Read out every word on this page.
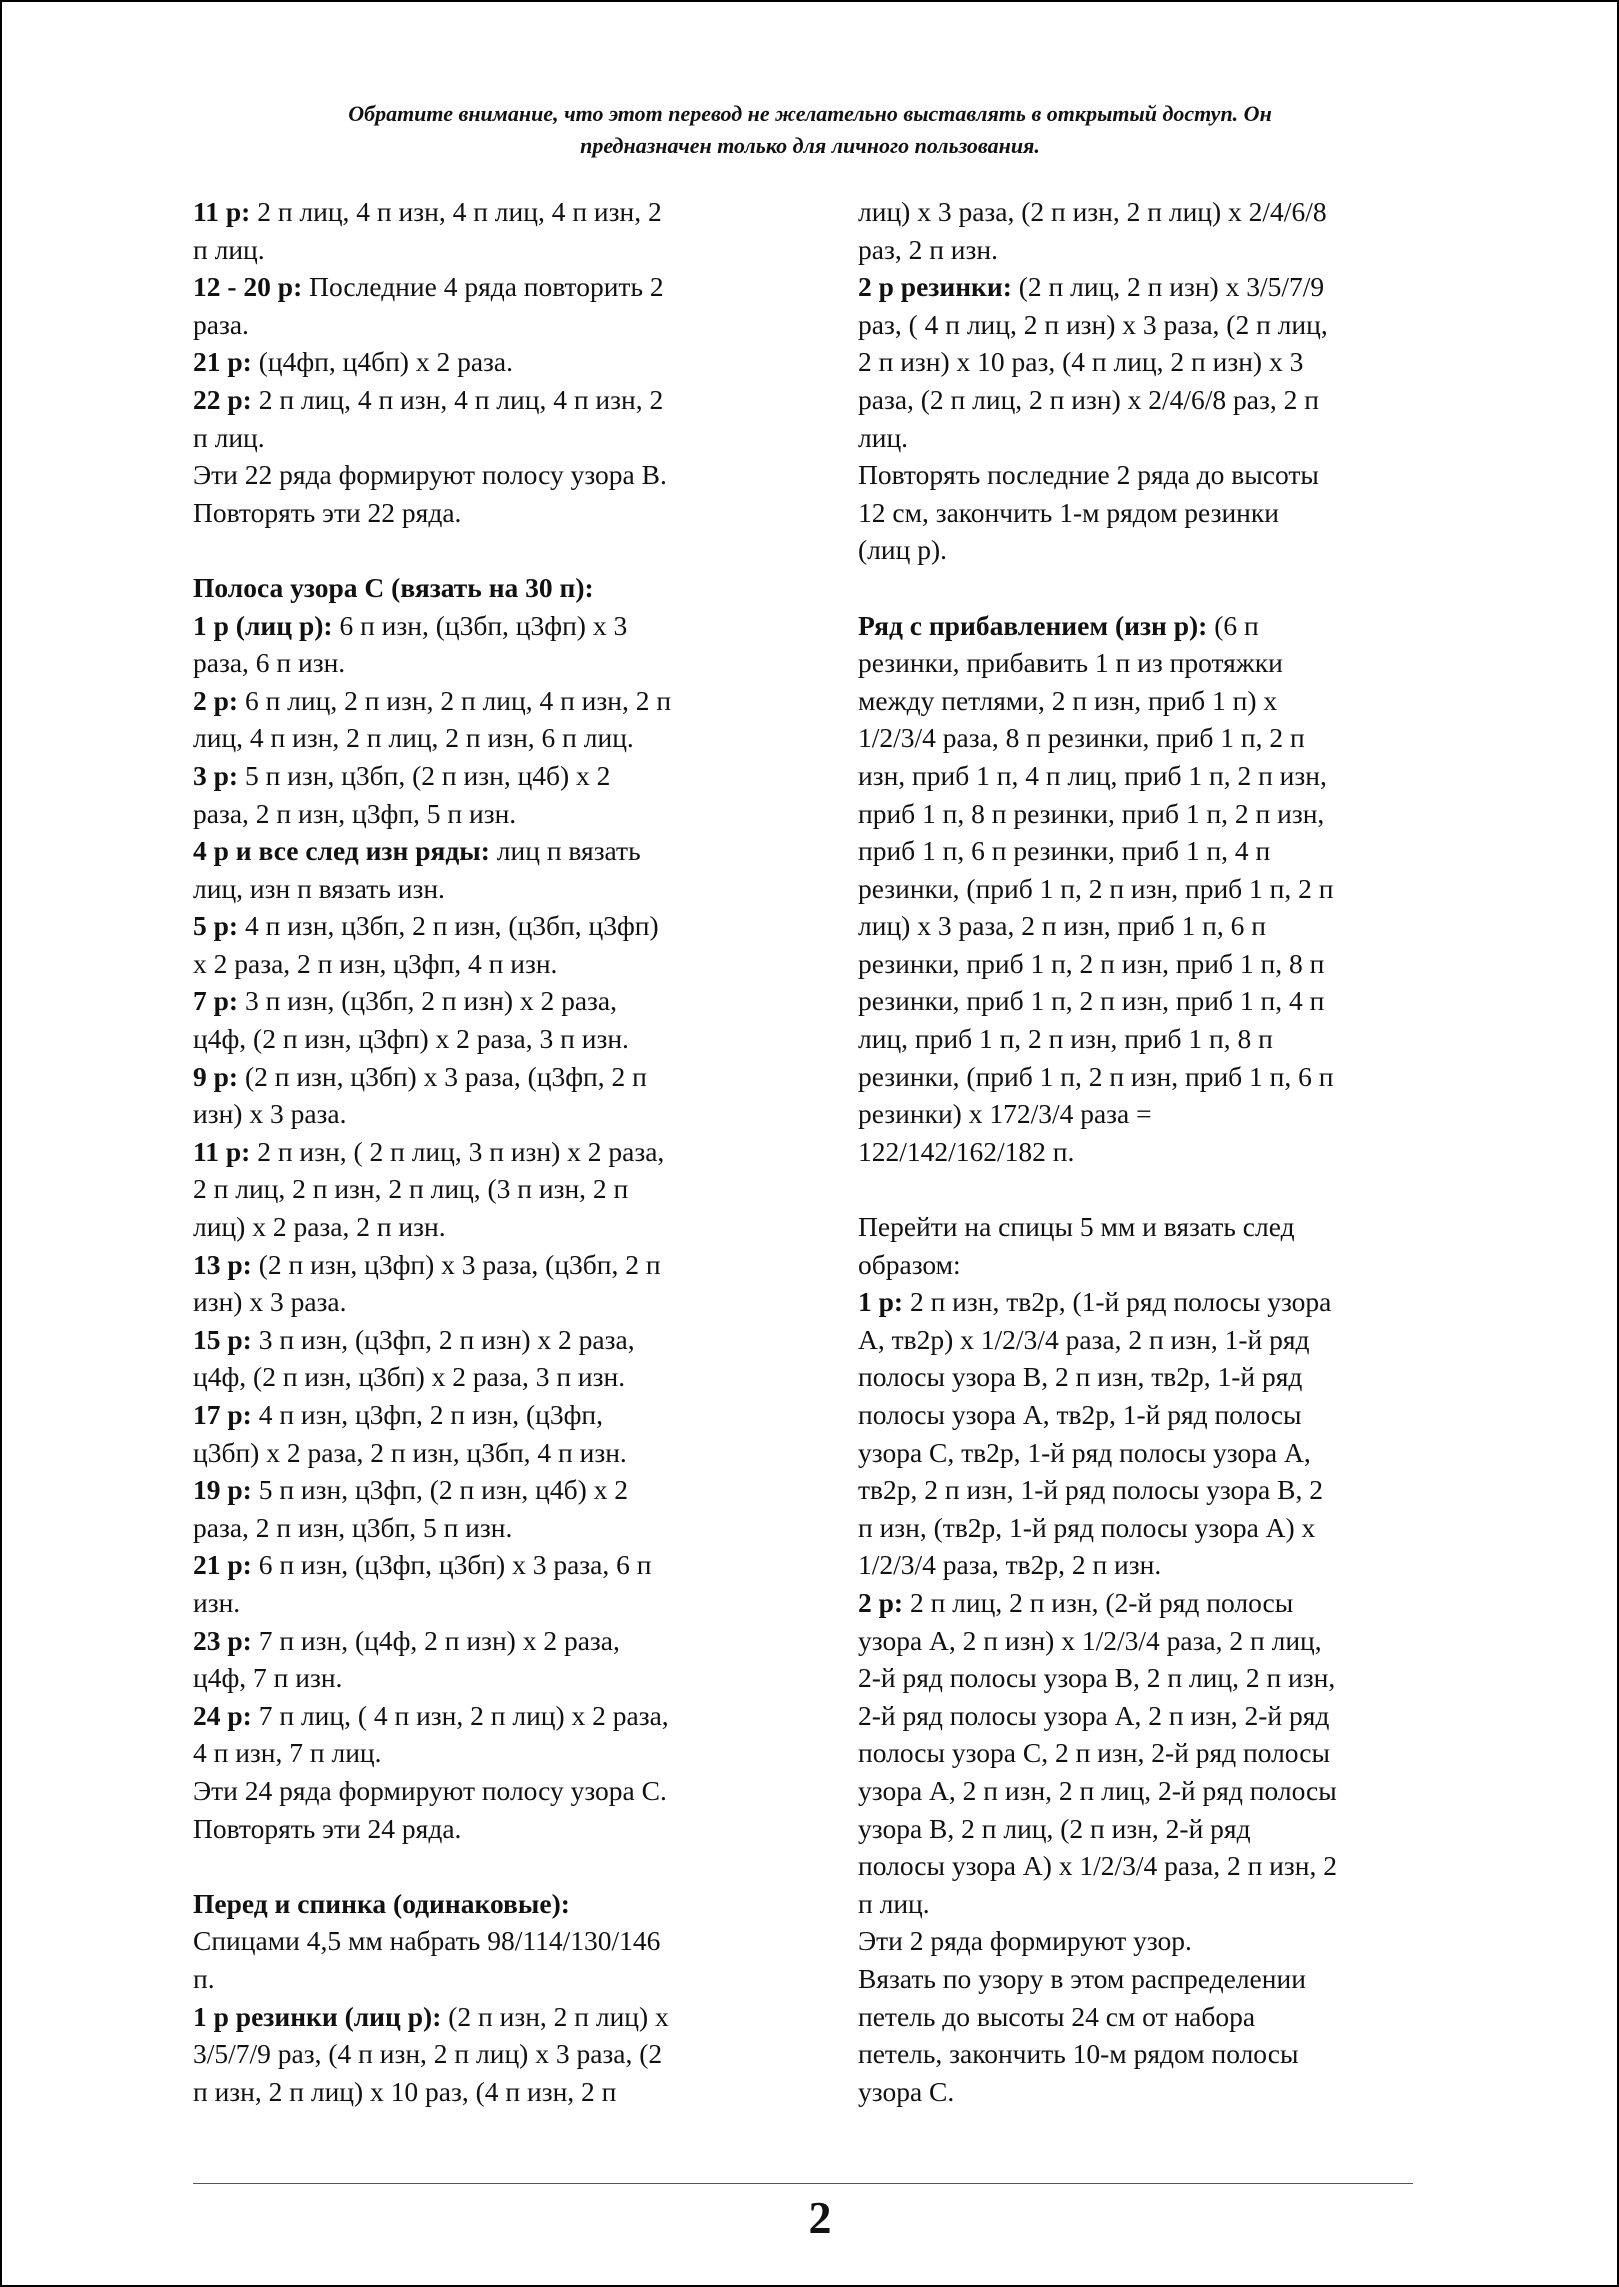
Обратите внимание, что этот перевод не желательно выставлять в открытый доступ. Он
предназначен только для личного пользования.
11 р: 2 п лиц, 4 п изн, 4 п лиц, 4 п изн, 2
п лиц.
12 - 20 р: Последние 4 ряда повторить 2
раза.
21 р: (ц4фп, ц4бп) х 2 раза.
22 р: 2 п лиц, 4 п изн, 4 п лиц, 4 п изн, 2
п лиц.
Эти 22 ряда формируют полосу узора B.
Повторять эти 22 ряда.
Полоса узора C (вязать на 30 п):
1 р (лиц р): 6 п изн, (ц3бп, ц3фп) х 3
раза, 6 п изн.
2 р: 6 п лиц, 2 п изн, 2 п лиц, 4 п изн, 2 п
лиц, 4 п изн, 2 п лиц, 2 п изн, 6 п лиц.
3 р: 5 п изн, ц3бп, (2 п изн, ц4б) х 2
раза, 2 п изн, ц3фп, 5 п изн.
4 р и все след изн ряды: лиц п вязать
лиц, изн п вязать изн.
5 р: 4 п изн, ц3бп, 2 п изн, (ц3бп, ц3фп)
х 2 раза, 2 п изн, ц3фп, 4 п изн.
7 р: 3 п изн, (ц3бп, 2 п изн) х 2 раза,
ц4ф, (2 п изн, ц3фп) х 2 раза, 3 п изн.
9 р: (2 п изн, ц3бп) х 3 раза, (ц3фп, 2 п
изн) х 3 раза.
11 р: 2 п изн, ( 2 п лиц, 3 п изн) х 2 раза,
2 п лиц, 2 п изн, 2 п лиц, (3 п изн, 2 п
лиц) х 2 раза, 2 п изн.
13 р: (2 п изн, ц3фп) х 3 раза, (ц3бп, 2 п
изн) х 3 раза.
15 р: 3 п изн, (ц3фп, 2 п изн) х 2 раза,
ц4ф, (2 п изн, ц3бп) х 2 раза, 3 п изн.
17 р: 4 п изн, ц3фп, 2 п изн, (ц3фп,
ц3бп) х 2 раза, 2 п изн, ц3бп, 4 п изн.
19 р: 5 п изн, ц3фп, (2 п изн, ц4б) х 2
раза, 2 п изн, ц3бп, 5 п изн.
21 р: 6 п изн, (ц3фп, ц3бп) х 3 раза, 6 п
изн.
23 р: 7 п изн, (ц4ф, 2 п изн) х 2 раза,
ц4ф, 7 п изн.
24 р: 7 п лиц, ( 4 п изн, 2 п лиц) х 2 раза,
4 п изн, 7 п лиц.
Эти 24 ряда формируют полосу узора C.
Повторять эти 24 ряда.
Перед и спинка (одинаковые):
Спицами 4,5 мм набрать 98/114/130/146
п.
1 р резинки (лиц р): (2 п изн, 2 п лиц) х
3/5/7/9 раз, (4 п изн, 2 п лиц) х 3 раза, (2
п изн, 2 п лиц) х 10 раз, (4 п изн, 2 п
лиц) х 3 раза, (2 п изн, 2 п лиц) х 2/4/6/8
раз, 2 п изн.
2 р резинки: (2 п лиц, 2 п изн) х 3/5/7/9
раз, ( 4 п лиц, 2 п изн) х 3 раза, (2 п лиц,
2 п изн) х 10 раз, (4 п лиц, 2 п изн) х 3
раза, (2 п лиц, 2 п изн) х 2/4/6/8 раз, 2 п
лиц.
Повторять последние 2 ряда до высоты
12 см, закончить 1-м рядом резинки
(лиц р).
Ряд с прибавлением (изн р): (6 п
резинки, прибавить 1 п из протяжки
между петлями, 2 п изн, приб 1 п) х
1/2/3/4 раза, 8 п резинки, приб 1 п, 2 п
изн, приб 1 п, 4 п лиц, приб 1 п, 2 п изн,
приб 1 п, 8 п резинки, приб 1 п, 2 п изн,
приб 1 п, 6 п резинки, приб 1 п, 4 п
резинки, (приб 1 п, 2 п изн, приб 1 п, 2 п
лиц) х 3 раза, 2 п изн, приб 1 п, 6 п
резинки, приб 1 п, 2 п изн, приб 1 п, 8 п
резинки, приб 1 п, 2 п изн, приб 1 п, 4 п
лиц, приб 1 п, 2 п изн, приб 1 п, 8 п
резинки, (приб 1 п, 2 п изн, приб 1 п, 6 п
резинки) х 172/3/4 раза =
122/142/162/182 п.
Перейти на спицы 5 мм и вязать след
образом:
1 р: 2 п изн, тв2р, (1-й ряд полосы узора
A, тв2р) х 1/2/3/4 раза, 2 п изн, 1-й ряд
полосы узора B, 2 п изн, тв2р, 1-й ряд
полосы узора A, тв2р, 1-й ряд полосы
узора C, тв2р, 1-й ряд полосы узора A,
тв2р, 2 п изн, 1-й ряд полосы узора B, 2
п изн, (тв2р, 1-й ряд полосы узора A) х
1/2/3/4 раза, тв2р, 2 п изн.
2 р: 2 п лиц, 2 п изн, (2-й ряд полосы
узора A, 2 п изн) х 1/2/3/4 раза, 2 п лиц,
2-й ряд полосы узора B, 2 п лиц, 2 п изн,
2-й ряд полосы узора A, 2 п изн, 2-й ряд
полосы узора C, 2 п изн, 2-й ряд полосы
узора A, 2 п изн, 2 п лиц, 2-й ряд полосы
узора B, 2 п лиц, (2 п изн, 2-й ряд
полосы узора A) х 1/2/3/4 раза, 2 п изн, 2
п лиц.
Эти 2 ряда формируют узор.
Вязать по узору в этом распределении
петель до высоты 24 см от набора
петель, закончить 10-м рядом полосы
узора C.
2
